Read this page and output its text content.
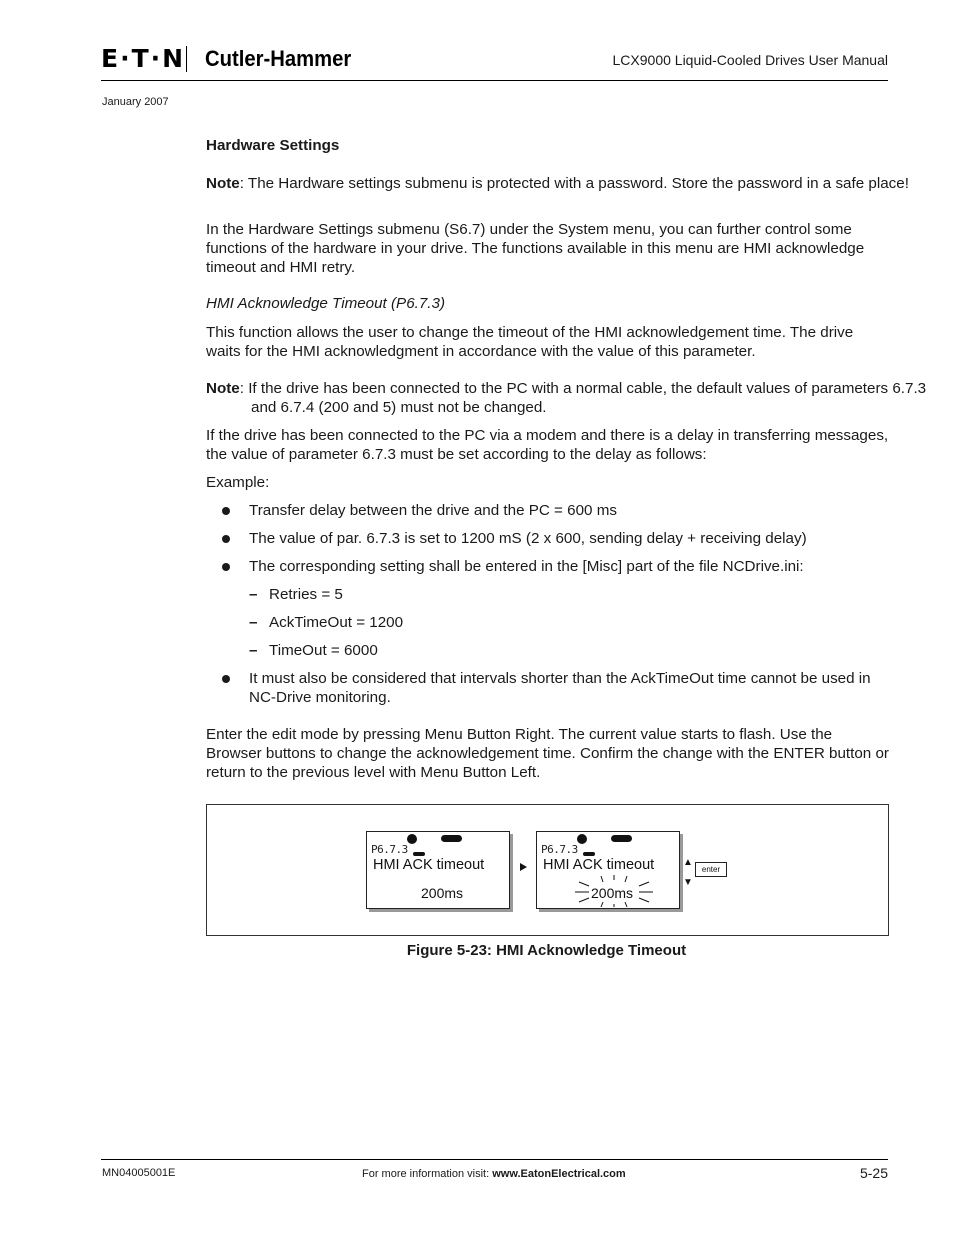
E·T·N Cutler-Hammer	LCX9000 Liquid-Cooled Drives User Manual
January 2007
Hardware Settings
Note: The Hardware settings submenu is protected with a password. Store the password in a safe place!
In the Hardware Settings submenu (S6.7) under the System menu, you can further control some functions of the hardware in your drive. The functions available in this menu are HMI acknowledge timeout and HMI retry.
HMI Acknowledge Timeout (P6.7.3)
This function allows the user to change the timeout of the HMI acknowledgement time. The drive waits for the HMI acknowledgment in accordance with the value of this parameter.
Note: If the drive has been connected to the PC with a normal cable, the default values of parameters 6.7.3 and 6.7.4 (200 and 5) must not be changed.
If the drive has been connected to the PC via a modem and there is a delay in transferring messages, the value of parameter 6.7.3 must be set according to the delay as follows:
Example:
Transfer delay between the drive and the PC = 600 ms
The value of par. 6.7.3 is set to 1200 mS (2 x 600, sending delay + receiving delay)
The corresponding setting shall be entered in the [Misc] part of the file NCDrive.ini:
– Retries = 5
– AckTimeOut = 1200
– TimeOut = 6000
It must also be considered that intervals shorter than the AckTimeOut time cannot be used in NC-Drive monitoring.
Enter the edit mode by pressing Menu Button Right. The current value starts to flash. Use the Browser buttons to change the acknowledgement time. Confirm the change with the ENTER button or return to the previous level with Menu Button Left.
P6.7.3
HMI ACK timeout
200ms
P6.7.3
HMI ACK timeout
200ms
▲
▼
enter
Figure 5-23: HMI Acknowledge Timeout
MN04005001E	For more information visit: www.EatonElectrical.com	5-25
